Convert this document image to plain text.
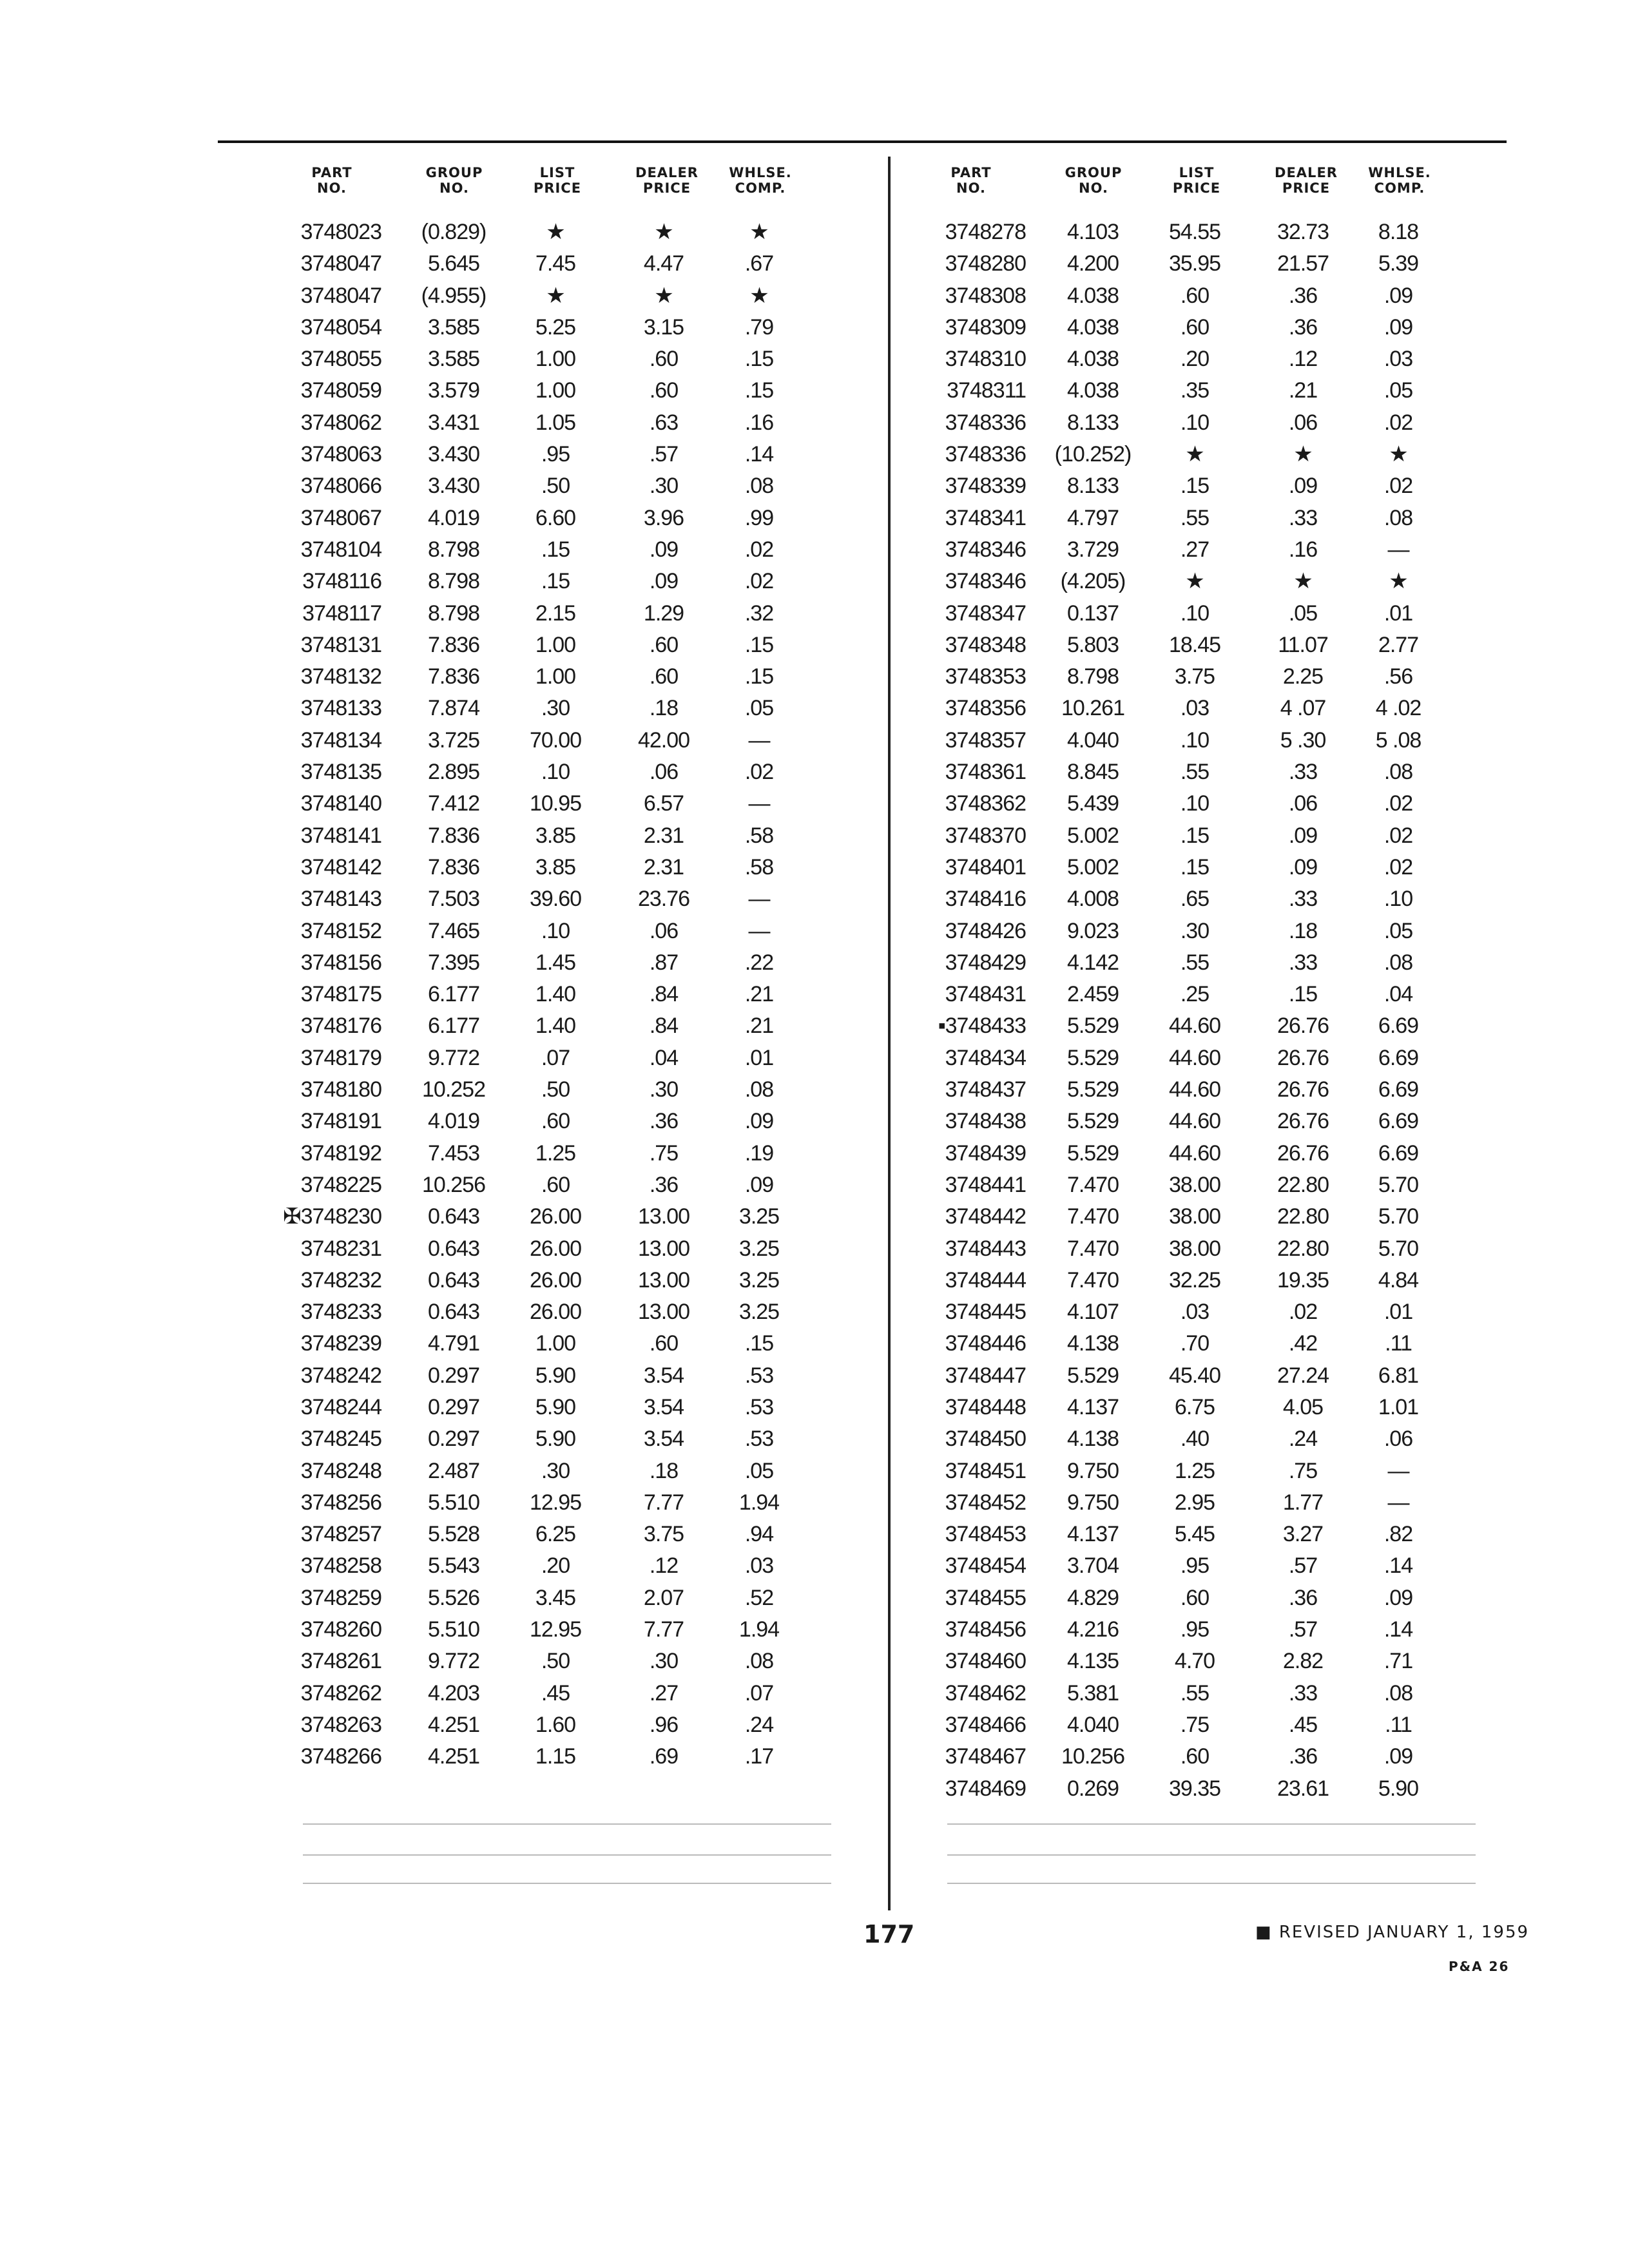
PART
NO.
GROUP
NO.
LIST
PRICE
DEALER
PRICE
WHLSE.
COMP.
3748023	(0.829)	★	★	★
3748047	5.645	7.45	4.47	.67
3748047	(4.955)	★	★	★
3748054	3.585	5.25	3.15	.79
3748055	3.585	1.00	.60	.15
3748059	3.579	1.00	.60	.15
3748062	3.431	1.05	.63	.16
3748063	3.430	.95	.57	.14
3748066	3.430	.50	.30	.08
3748067	4.019	6.60	3.96	.99
3748104	8.798	.15	.09	.02
3748116	8.798	.15	.09	.02
3748117	8.798	2.15	1.29	.32
3748131	7.836	1.00	.60	.15
3748132	7.836	1.00	.60	.15
3748133	7.874	.30	.18	.05
3748134	3.725	70.00	42.00	—
3748135	2.895	.10	.06	.02
3748140	7.412	10.95	6.57	—
3748141	7.836	3.85	2.31	.58
3748142	7.836	3.85	2.31	.58
3748143	7.503	39.60	23.76	—
3748152	7.465	.10	.06	—
3748156	7.395	1.45	.87	.22
3748175	6.177	1.40	.84	.21
3748176	6.177	1.40	.84	.21
3748179	9.772	.07	.04	.01
3748180	10.252	.50	.30	.08
3748191	4.019	.60	.36	.09
3748192	7.453	1.25	.75	.19
3748225	10.256	.60	.36	.09
✠3748230	0.643	26.00	13.00	3.25
3748231	0.643	26.00	13.00	3.25
3748232	0.643	26.00	13.00	3.25
3748233	0.643	26.00	13.00	3.25
3748239	4.791	1.00	.60	.15
3748242	0.297	5.90	3.54	.53
3748244	0.297	5.90	3.54	.53
3748245	0.297	5.90	3.54	.53
3748248	2.487	.30	.18	.05
3748256	5.510	12.95	7.77	1.94
3748257	5.528	6.25	3.75	.94
3748258	5.543	.20	.12	.03
3748259	5.526	3.45	2.07	.52
3748260	5.510	12.95	7.77	1.94
3748261	9.772	.50	.30	.08
3748262	4.203	.45	.27	.07
3748263	4.251	1.60	.96	.24
3748266	4.251	1.15	.69	.17
PART
NO.
GROUP
NO.
LIST
PRICE
DEALER
PRICE
WHLSE.
COMP.
3748278	4.103	54.55	32.73	8.18
3748280	4.200	35.95	21.57	5.39
3748308	4.038	.60	.36	.09
3748309	4.038	.60	.36	.09
3748310	4.038	.20	.12	.03
3748311	4.038	.35	.21	.05
3748336	8.133	.10	.06	.02
3748336	(10.252)	★	★	★
3748339	8.133	.15	.09	.02
3748341	4.797	.55	.33	.08
3748346	3.729	.27	.16	—
3748346	(4.205)	★	★	★
3748347	0.137	.10	.05	.01
3748348	5.803	18.45	11.07	2.77
3748353	8.798	3.75	2.25	.56
3748356	10.261	.03	4 .07	4 .02
3748357	4.040	.10	5 .30	5 .08
3748361	8.845	.55	.33	.08
3748362	5.439	.10	.06	.02
3748370	5.002	.15	.09	.02
3748401	5.002	.15	.09	.02
3748416	4.008	.65	.33	.10
3748426	9.023	.30	.18	.05
3748429	4.142	.55	.33	.08
3748431	2.459	.25	.15	.04
▪3748433	5.529	44.60	26.76	6.69
3748434	5.529	44.60	26.76	6.69
3748437	5.529	44.60	26.76	6.69
3748438	5.529	44.60	26.76	6.69
3748439	5.529	44.60	26.76	6.69
3748441	7.470	38.00	22.80	5.70
3748442	7.470	38.00	22.80	5.70
3748443	7.470	38.00	22.80	5.70
3748444	7.470	32.25	19.35	4.84
3748445	4.107	.03	.02	.01
3748446	4.138	.70	.42	.11
3748447	5.529	45.40	27.24	6.81
3748448	4.137	6.75	4.05	1.01
3748450	4.138	.40	.24	.06
3748451	9.750	1.25	.75	—
3748452	9.750	2.95	1.77	—
3748453	4.137	5.45	3.27	.82
3748454	3.704	.95	.57	.14
3748455	4.829	.60	.36	.09
3748456	4.216	.95	.57	.14
3748460	4.135	4.70	2.82	.71
3748462	5.381	.55	.33	.08
3748466	4.040	.75	.45	.11
3748467	10.256	.60	.36	.09
3748469	0.269	39.35	23.61	5.90
177	■ REVISED JANUARY 1, 1959
P&A 26
